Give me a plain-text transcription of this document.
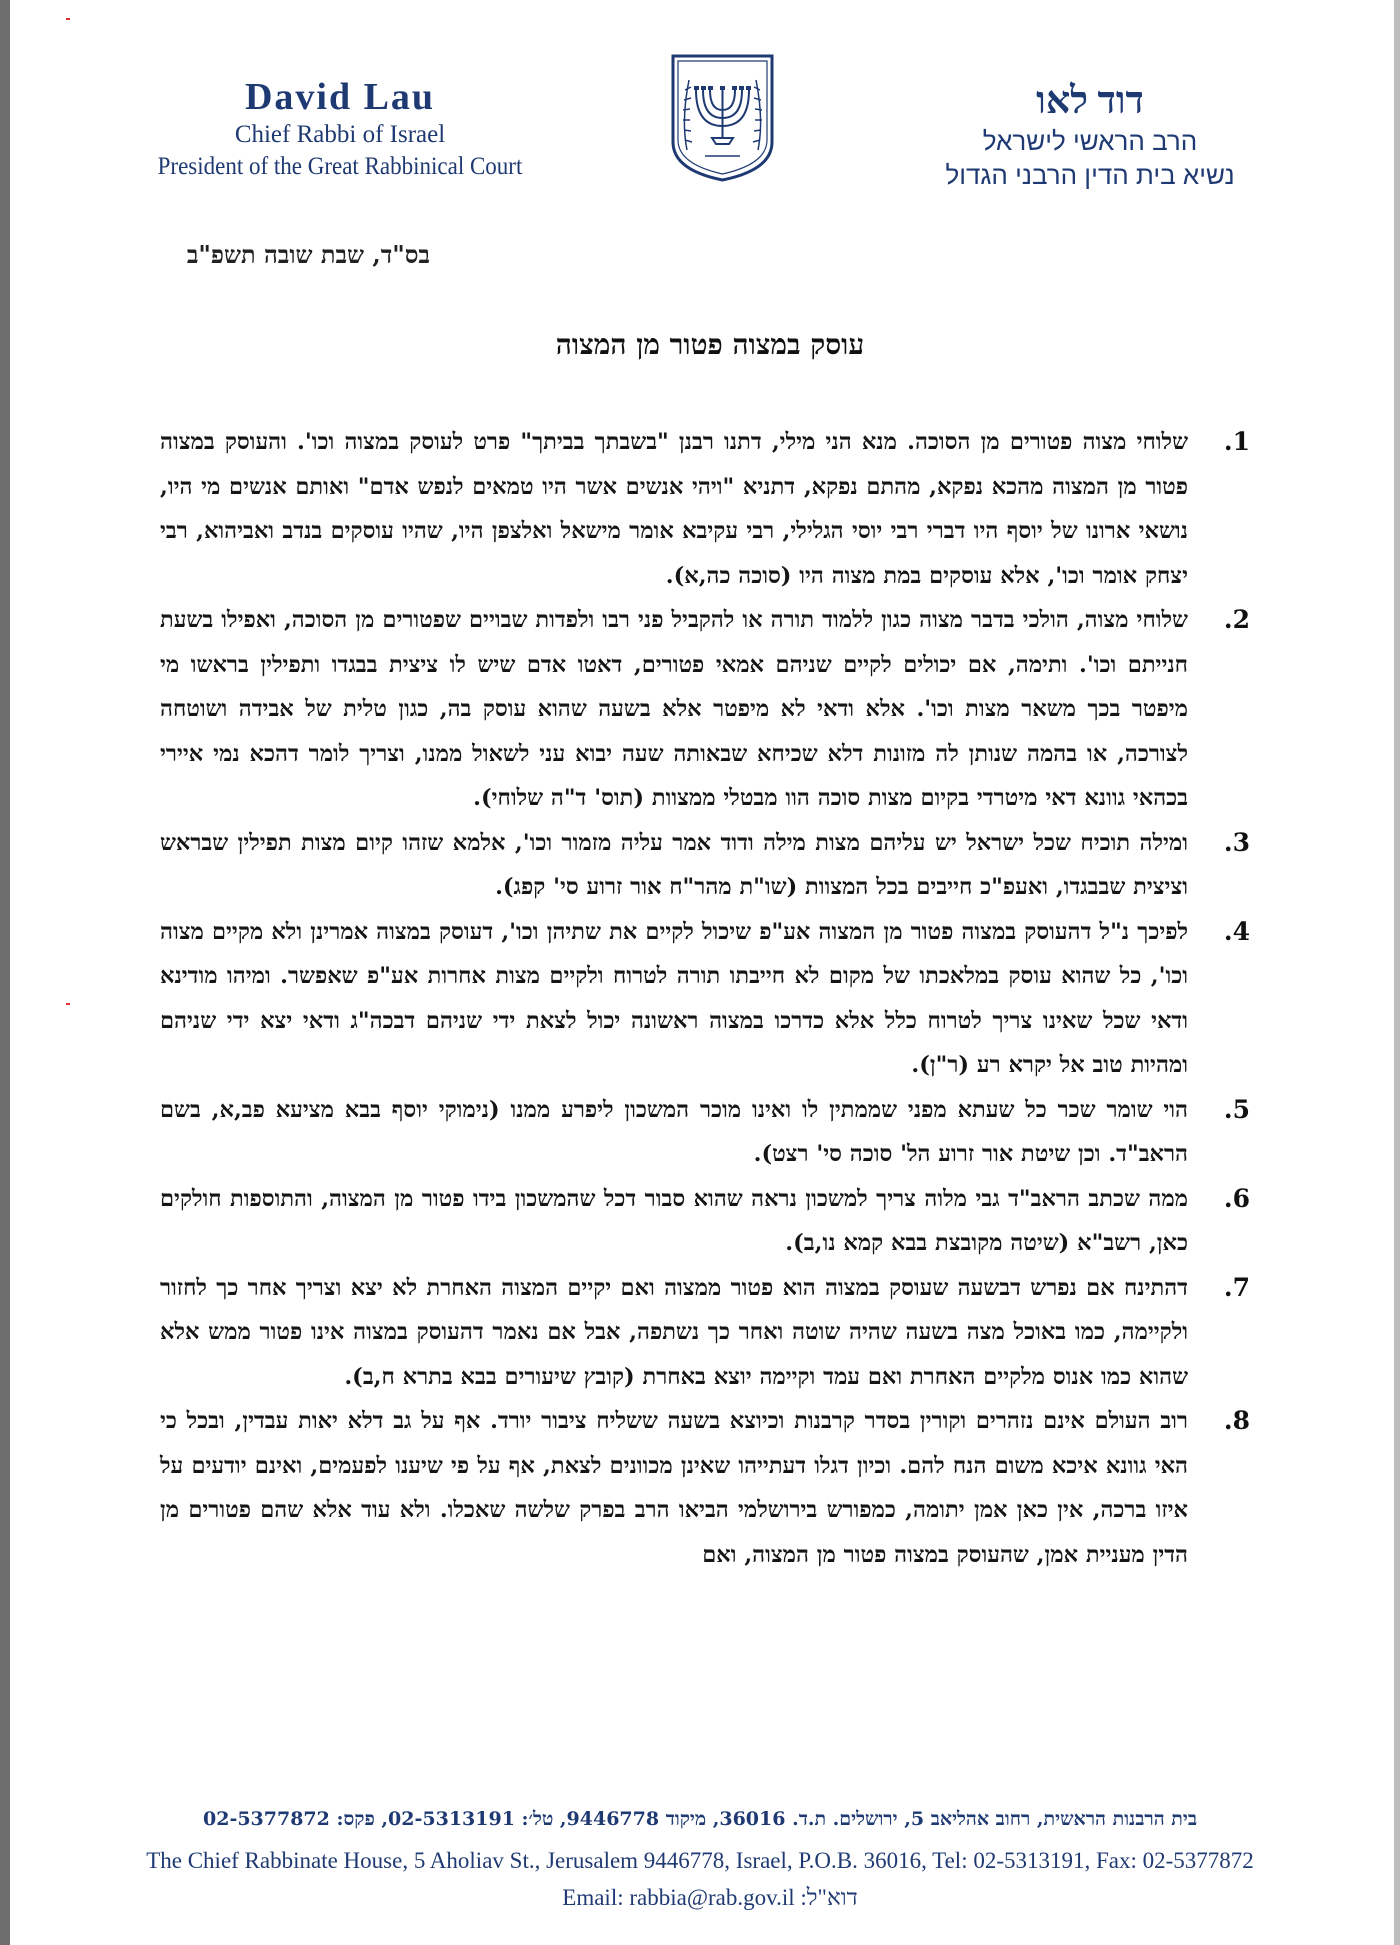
David Lau
Chief Rabbi of Israel
President of the Great Rabbinical Court
דוד לאו
הרב הראשי לישראל
נשיא בית הדין הרבני הגדול
בס"ד, שבת שובה תשפ"ב
עוסק במצוה פטור מן המצוה
1.
שלוחי מצוה פטורים מן הסוכה. מנא הני מילי, דתנו רבנן "בשבתך בביתך" פרט לעוסק במצוה וכו'. והעוסק במצוה פטור מן המצוה מהכא נפקא, מהתם נפקא, דתניא "ויהי אנשים אשר היו טמאים לנפש אדם" ואותם אנשים מי היו, נושאי ארונו של יוסף היו דברי רבי יוסי הגלילי, רבי עקיבא אומר מישאל ואלצפן היו, שהיו עוסקים בנדב ואביהוא, רבי יצחק אומר וכו', אלא עוסקים במת מצוה היו (סוכה כה,א).
2.
שלוחי מצוה, הולכי בדבר מצוה כגון ללמוד תורה או להקביל פני רבו ולפדות שבויים שפטורים מן הסוכה, ואפילו בשעת חנייתם וכו'. ותימה, אם יכולים לקיים שניהם אמאי פטורים, דאטו אדם שיש לו ציצית בבגדו ותפילין בראשו מי מיפטר בכך משאר מצות וכו'. אלא ודאי לא מיפטר אלא בשעה שהוא עוסק בה, כגון טלית של אבידה ושוטחה לצורכה, או בהמה שנותן לה מזונות דלא שכיחא שבאותה שעה יבוא עני לשאול ממנו, וצריך לומר דהכא נמי איירי בכהאי גוונא דאי מיטרדי בקיום מצות סוכה הוו מבטלי ממצוות (תוס' ד"ה שלוחי).
3.
ומילה תוכיח שכל ישראל יש עליהם מצות מילה ודוד אמר עליה מזמור וכו', אלמא שזהו קיום מצות תפילין שבראש וציצית שבבגדו, ואעפ"כ חייבים בכל המצוות (שו"ת מהר"ח אור זרוע סי' קפג).
4.
לפיכך נ"ל דהעוסק במצוה פטור מן המצוה אע"פ שיכול לקיים את שתיהן וכו', דעוסק במצוה אמרינן ולא מקיים מצוה וכו', כל שהוא עוסק במלאכתו של מקום לא חייבתו תורה לטרוח ולקיים מצות אחרות אע"פ שאפשר. ומיהו מודינא ודאי שכל שאינו צריך לטרוח כלל אלא כדרכו במצוה ראשונה יכול לצאת ידי שניהם דבכה"ג ודאי יצא ידי שניהם ומהיות טוב אל יקרא רע (ר"ן).
5.
הוי שומר שכר כל שעתא מפני שממתין לו ואינו מוכר המשכון ליפרע ממנו (נימוקי יוסף בבא מציעא פב,א, בשם הראב"ד. וכן שיטת אור זרוע הל' סוכה סי' רצט).
6.
ממה שכתב הראב"ד גבי מלוה צריך למשכון נראה שהוא סבור דכל שהמשכון בידו פטור מן המצוה, והתוספות חולקים כאן, רשב"א (שיטה מקובצת בבא קמא נו,ב).
7.
דהתינח אם נפרש דבשעה שעוסק במצוה הוא פטור ממצוה ואם יקיים המצוה האחרת לא יצא וצריך אחר כך לחזור ולקיימה, כמו באוכל מצה בשעה שהיה שוטה ואחר כך נשתפה, אבל אם נאמר דהעוסק במצוה אינו פטור ממש אלא שהוא כמו אנוס מלקיים האחרת ואם עמד וקיימה יוצא באחרת (קובץ שיעורים בבא בתרא ח,ב).
8.
רוב העולם אינם נזהרים וקורין בסדר קרבנות וכיוצא בשעה ששליח ציבור יורד. אף על גב דלא יאות עבדין, ובכל כי האי גוונא איכא משום הנח להם. וכיון דגלו דעתייהו שאינן מכוונים לצאת, אף על פי שיענו לפעמים, ואינם יודעים על איזו ברכה, אין כאן אמן יתומה, כמפורש בירושלמי הביאו הרב בפרק שלשה שאכלו. ולא עוד אלא שהם פטורים מן הדין מעניית אמן, שהעוסק במצוה פטור מן המצוה, ואם
בית הרבנות הראשית, רחוב אהליאב 5, ירושלים. ת.ד. 36016, מיקוד 9446778, טל׳: 02-5313191, פקס: 02-5377872
The Chief Rabbinate House, 5 Aholiav St., Jerusalem 9446778, Israel, P.O.B. 36016, Tel: 02-5313191, Fax: 02-5377872
Email: rabbia@rab.gov.il :דוא"ל
